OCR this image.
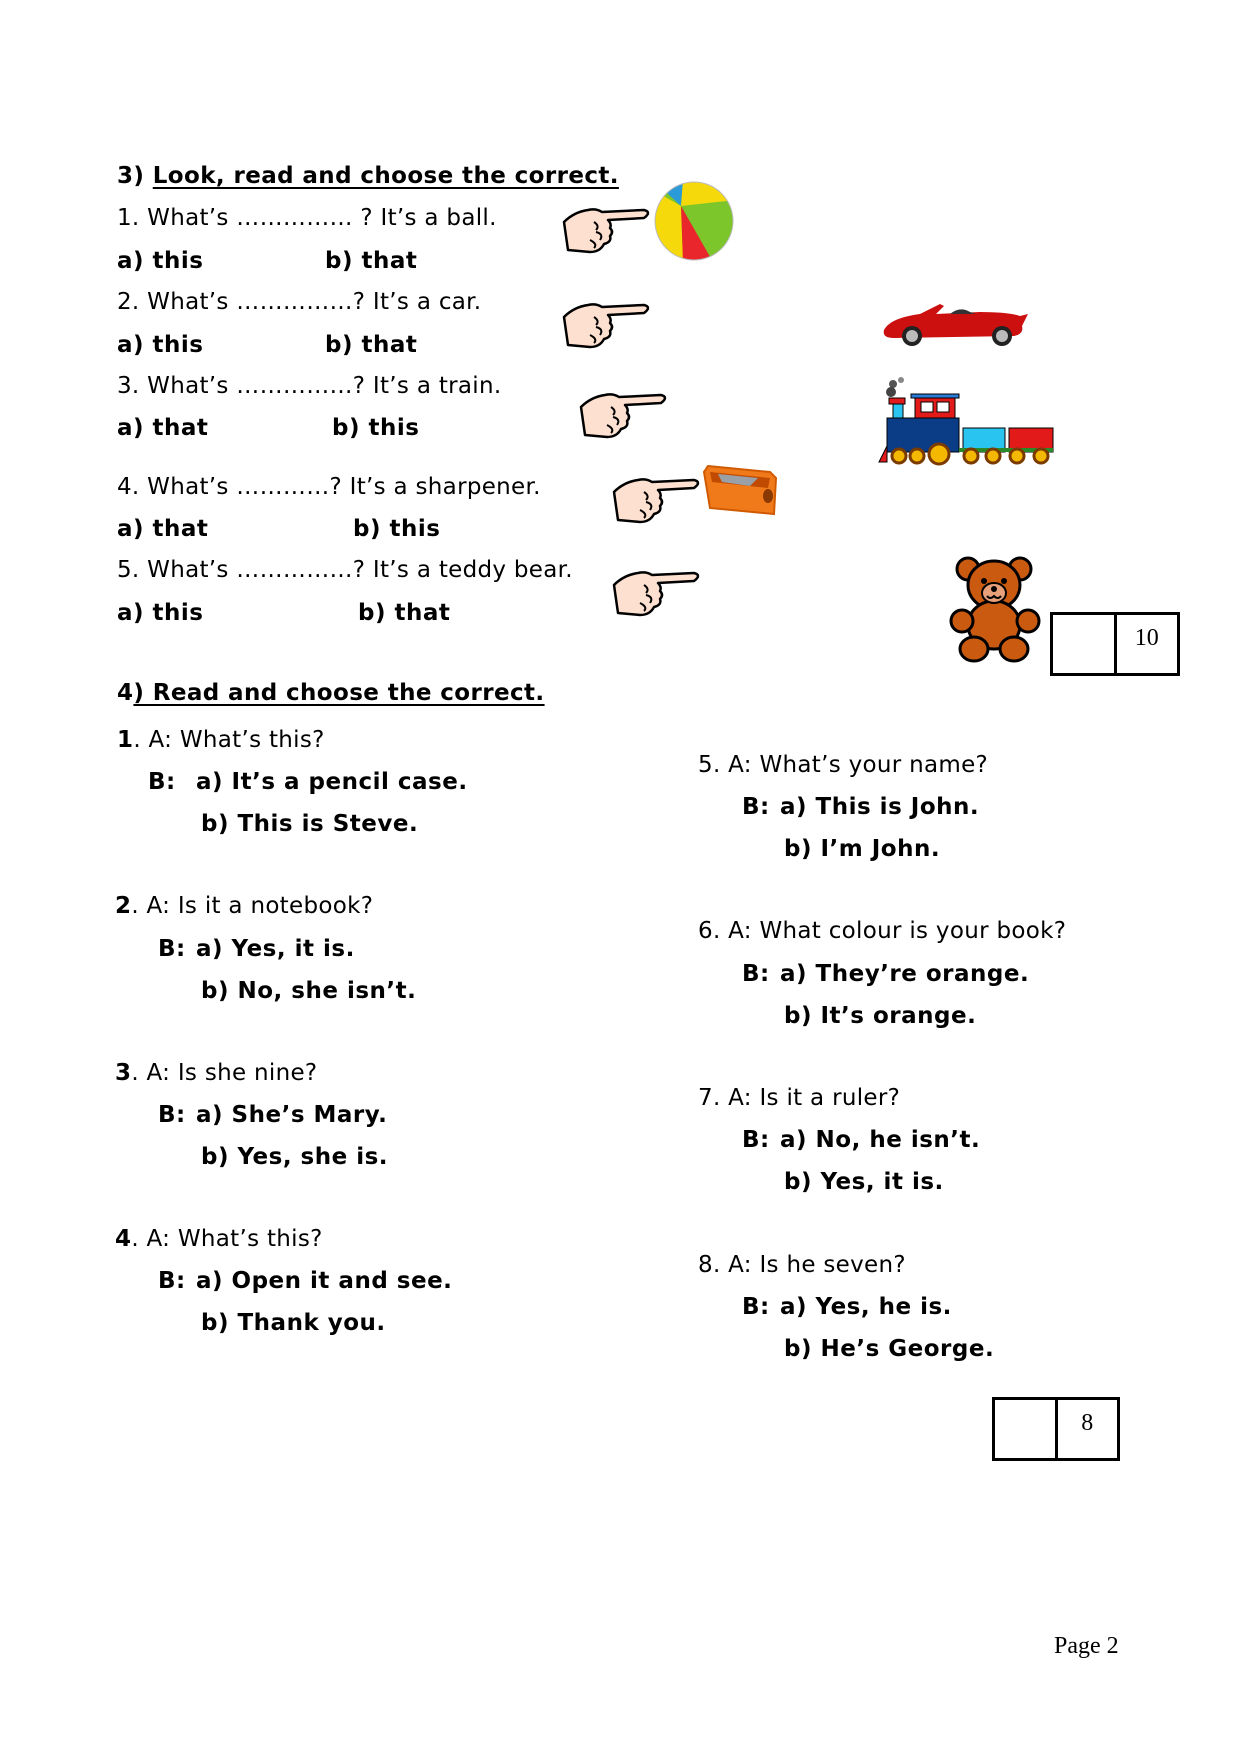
3) Look, read and choose the correct.
1. What’s …………… ? It’s a ball.
a) this	b) that
2. What’s ……………? It’s a car.
a) this	b) that
3. What’s ……………? It’s a train.
a) that	b) this
4. What’s …………? It’s a sharpener.
a) that	b) this
5. What’s ……………? It’s a teddy bear.
a) this	b) that
10
4) Read and choose the correct.
1. A: What’s this?
B: a) It’s a pencil case.
b) This is Steve.
2. A: Is it a notebook?
B: a) Yes, it is.
b) No, she isn’t.
3. A: Is she nine?
B: a) She’s Mary.
b) Yes, she is.
4. A: What’s this?
B: a) Open it and see.
b) Thank you.
5. A: What’s your name?
B: a) This is John.
b) I’m John.
6. A: What colour is your book?
B: a) They’re orange.
b) It’s orange.
7. A: Is it a ruler?
B: a) No, he isn’t.
b) Yes, it is.
8. A: Is he seven?
B: a) Yes, he is.
b) He’s George.
8
Page 2
